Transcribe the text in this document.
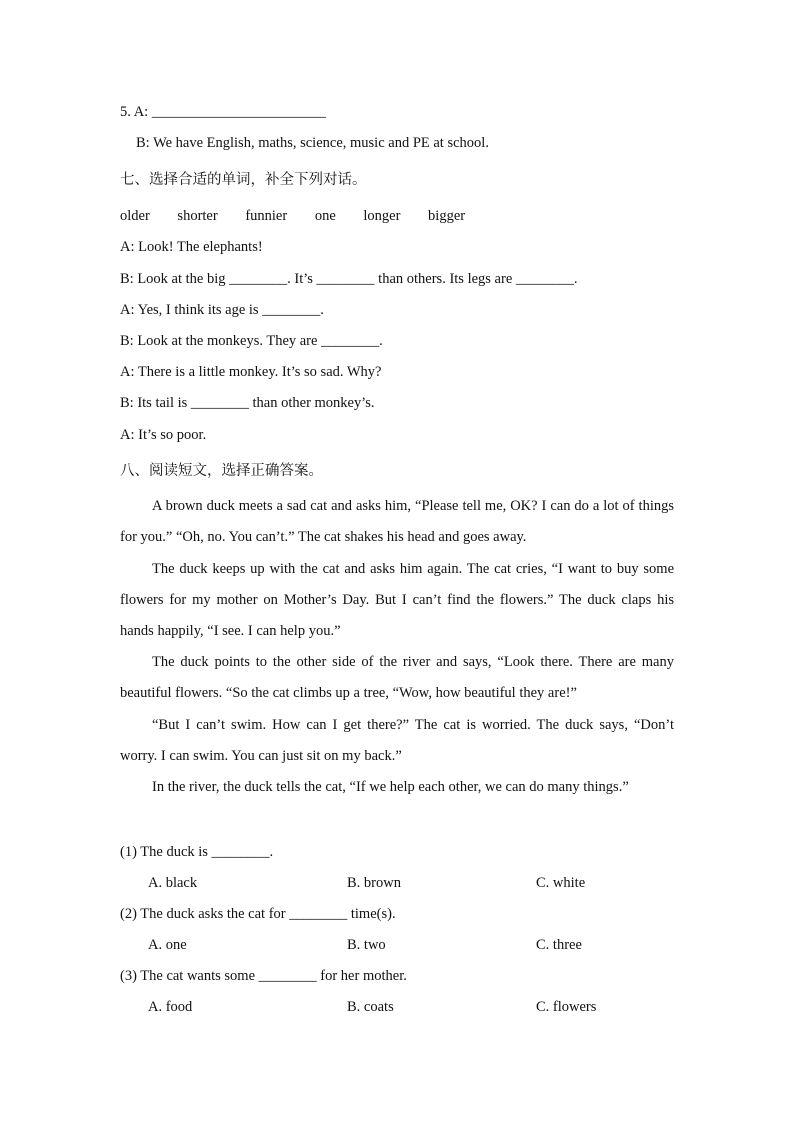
5. A: ________________________
B: We have English, maths, science, music and PE at school.
七、选择合适的单词，补全下列对话。
older shorter funnier one longer bigger
A: Look! The elephants!
B: Look at the big ________. It’s ________ than others. Its legs are ________.
A: Yes, I think its age is ________.
B: Look at the monkeys. They are ________.
A: There is a little monkey. It’s so sad. Why?
B: Its tail is ________ than other monkey’s.
A: It’s so poor.
八、阅读短文，选择正确答案。
A brown duck meets a sad cat and asks him, “Please tell me, OK? I can do a lot of things for you.” “Oh, no. You can’t.” The cat shakes his head and goes away.
The duck keeps up with the cat and asks him again. The cat cries, “I want to buy some flowers for my mother on Mother’s Day. But I can’t find the flowers.” The duck claps his hands happily, “I see. I can help you.”
The duck points to the other side of the river and says, “Look there. There are many beautiful flowers. “So the cat climbs up a tree, “Wow, how beautiful they are!”
“But I can’t swim. How can I get there?” The cat is worried. The duck says, “Don’t worry. I can swim. You can just sit on my back.”
In the river, the duck tells the cat, “If we help each other, we can do many things.”
(1) The duck is ________.
A. black	B. brown	C. white
(2) The duck asks the cat for ________ time(s).
A. one	B. two	C. three
(3) The cat wants some ________ for her mother.
A. food	B. coats	C. flowers
